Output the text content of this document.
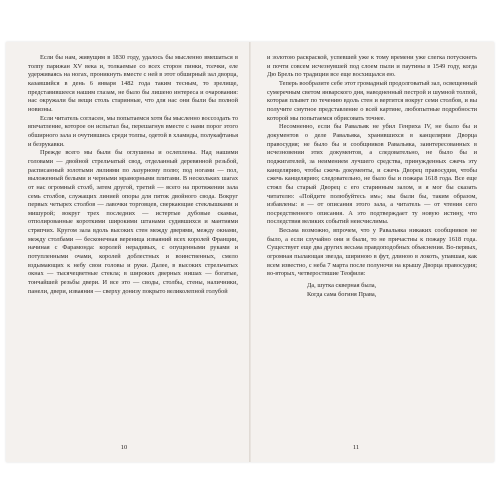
Если бы нам, живущим в 1830 году, удалось бы мысленно вмешаться в толпу парижан XV века и, толкаемые со всех сторон пинки, толчки, еле удерживаясь на ногах, проникнуть вместе с ней в этот обширный зал дворца, казавшийся в день 6 января 1482 года таким тесным, то зрелище, представившееся нашим глазам, не было бы лишено интереса и очарования: нас окружали бы вещи столь старинные, что для нас они были бы полной новизны.

Если читатель согласен, мы попытаемся хотя бы мысленно воссоздать то впечатление, которое он испытал бы, перешагнув вместе с нами порог этого обширного зала и очутившись среди толпы, одетой в хламиды, полукафтанья и безрукавки.

Прежде всего мы были бы оглушены и ослеплены. Над нашими головами — двойной стрельчатый свод, отделанный деревянной резьбой, расписанный золотыми лилиями по лазурному полю; под ногами — пол, выложенный белыми и черными мраморными плитами. В нескольких шагах от нас огромный столб, затем другой, третий — всего на протяжении зала семь столбов, служащих линией опоры для пяток двойного свода. Вокруг первых четырех столбов — лавочки торговцев, сверкающие стеклышками и мишурой; вокруг трех последних — истертые дубовые скамьи, отполированные короткими широкими штанами судившихся и мантиями стряпчих. Кругом зала вдоль высоких стен между дверями, между окнами, между столбами — бесконечная вереница изваяний всех королей Франции, начиная с Фарамонда: королей нерадивых, с опущенными руками и потупленными очами, королей доблестных и воинственных, смело вздымающих к небу свои головы и руки. Далее, в высоких стрельчатых окнах — тысячецветные стекла; в широких дверных нишах — богатые, тончайшей резьбы двери. И все это — своды, столбы, стены, наличники, панели, двери, изваяния — сверху донизу покрыто великолепной голубой

10

и золотою раскраской, успевшей уже к тому времени уже слегка потускнеть и почти совсем исчезнувшей под слоем пыли и паутины в 1549 году, когда Дю Брель по традиции все еще восхищался ею.

Теперь вообразите себе этот громадный продолговатый зал, освещенный сумеречным светом январского дня, наводненный пестрой и шумной толпой, которая плывет по течению вдоль стен и вертится вокруг семи столбов, и вы получите смутное представление о всей картине, любопытные подробности которой мы попытаемся обрисовать точнее.

Несомненно, если бы Равальяк не убил Генриха IV, не было бы и документов о деле Равальяка, хранившихся в канцелярии Дворца правосудия; не было бы и сообщников Равальяка, заинтересованных в исчезновении этих документов, а следовательно, не было бы и поджигателей, за неимением лучшего средства, принужденных сжечь эту канцелярию, чтобы сжечь документы, и сжечь Дворец правосудия, чтобы сжечь канцелярию; следовательно, не было бы и пожара 1618 года. Все еще стоял бы старый Дворец с его старинным залом, и я мог бы сказать читателю: «Пойдите полюбуйтесь им»; мы были бы, таким образом, избавлены: я — от описания этого зала, а читатель — от чтения сего посредственного описания. А это подтверждает ту новую истину, что последствия великих событий неисчислимы.

Весьма возможно, впрочем, что у Равальяка никаких сообщников не было, а если случайно они и были, то не причастны к пожару 1618 года. Существует еще два других весьма правдоподобных объяснения. Во-первых, огромная пылающая звезда, шириною в фут, длиною в локоть, упавшая, как всем известно, с неба 7 марта после полуночи на крышу Дворца правосудия; во-вторых, четверостишие Теофиля:

Да, шутка скверная была,
Когда сама богиня Права,
11
